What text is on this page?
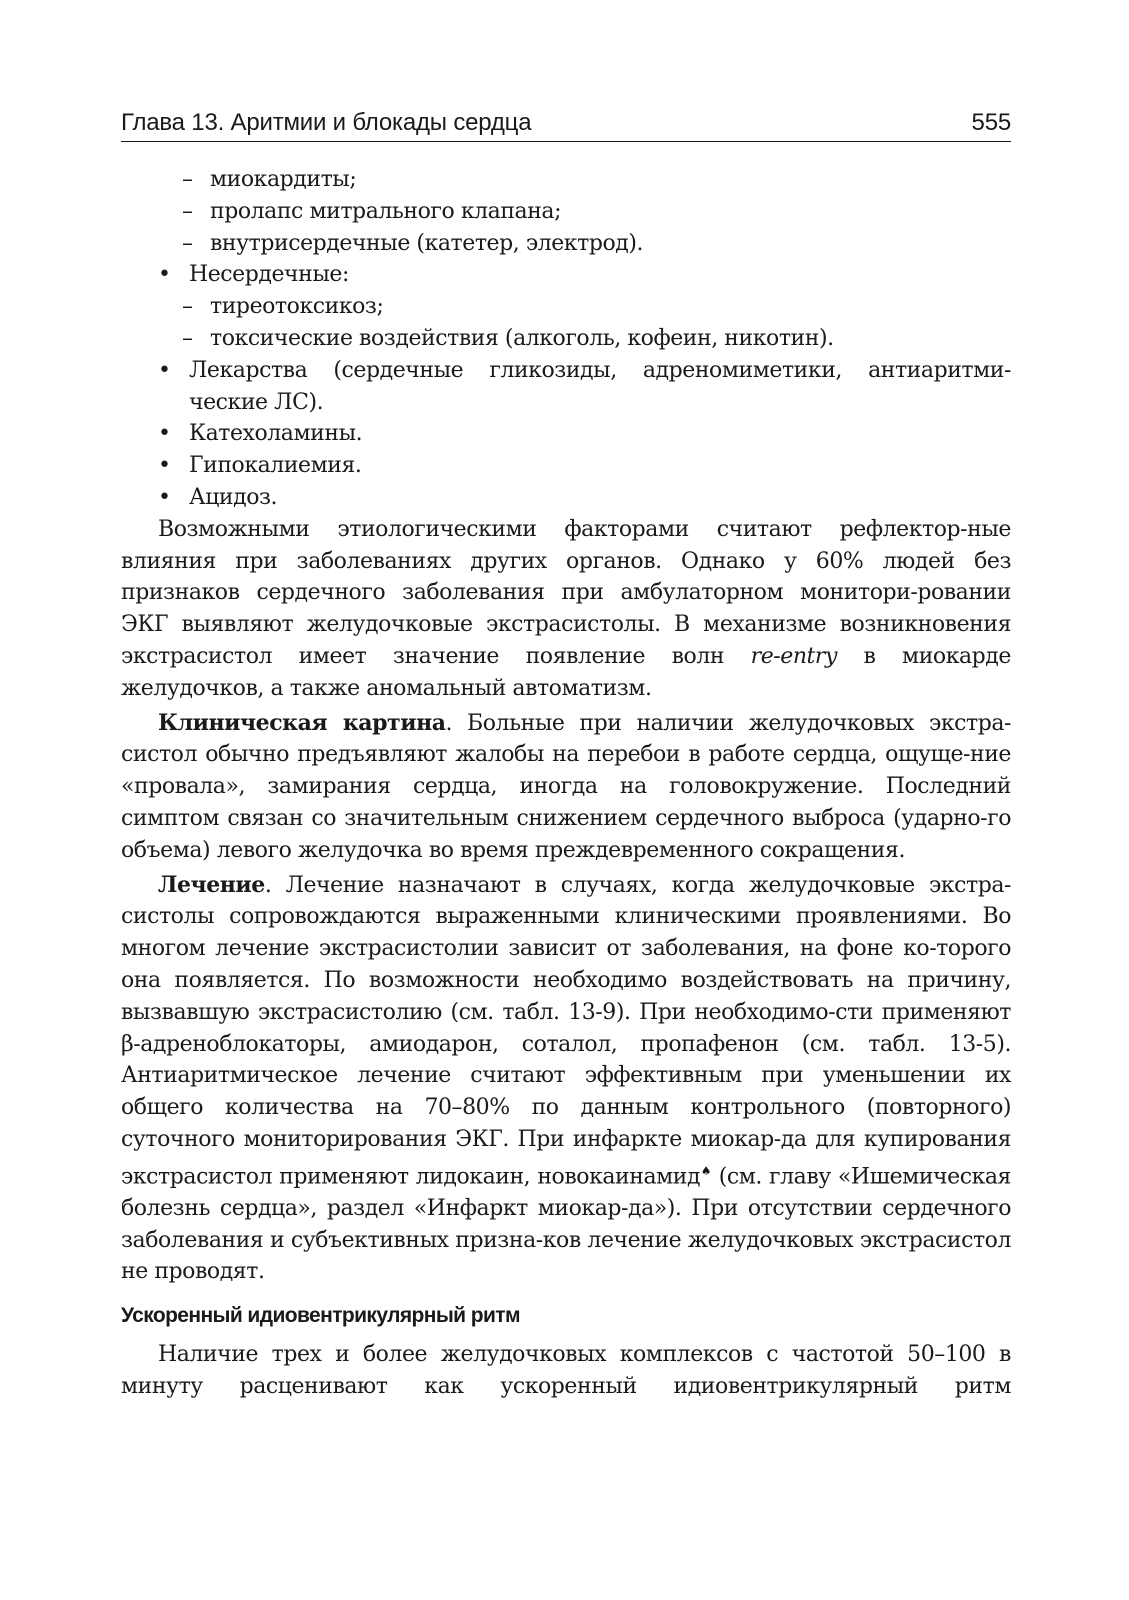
Глава 13. Аритмии и блокады сердца	555
– миокардиты;
– пролапс митрального клапана;
– внутрисердечные (катетер, электрод).
• Несердечные:
– тиреотоксикоз;
– токсические воздействия (алкоголь, кофеин, никотин).
• Лекарства (сердечные гликозиды, адреномиметики, антиаритми-ческие ЛС).
• Катехоламины.
• Гипокалиемия.
• Ацидоз.

Возможными этиологическими факторами считают рефлектор-ные влияния при заболеваниях других органов. Однако у 60% людей без признаков сердечного заболевания при амбулаторном монитори-ровании ЭКГ выявляют желудочковые экстрасистолы. В механизме возникновения экстрасистол имеет значение появление волн re-entry в миокарде желудочков, а также аномальный автоматизм.

Клиническая картина. Больные при наличии желудочковых экстра-систол обычно предъявляют жалобы на перебои в работе сердца, ощуще-ние «провала», замирания сердца, иногда на головокружение. Последний симптом связан со значительным снижением сердечного выброса (ударно-го объема) левого желудочка во время преждевременного сокращения.

Лечение. Лечение назначают в случаях, когда желудочковые экстра-систолы сопровождаются выраженными клиническими проявлениями. Во многом лечение экстрасистолии зависит от заболевания, на фоне ко-торого она появляется. По возможности необходимо воздействовать на причину, вызвавшую экстрасистолию (см. табл. 13-9). При необходимо-сти применяют β-адреноблокаторы, амиодарон, соталол, пропафенон (см. табл. 13-5). Антиаритмическое лечение считают эффективным при уменьшении их общего количества на 70–80% по данным контрольного (повторного) суточного мониторирования ЭКГ. При инфаркте миокар-да для купирования экстрасистол применяют лидокаин, новокаинамид♠ (см. главу «Ишемическая болезнь сердца», раздел «Инфаркт миокар-да»). При отсутствии сердечного заболевания и субъективных призна-ков лечение желудочковых экстрасистол не проводят.

Ускоренный идиовентрикулярный ритм

Наличие трех и более желудочковых комплексов с частотой 50–100 в минуту расценивают как ускоренный идиовентрикулярный ритм
